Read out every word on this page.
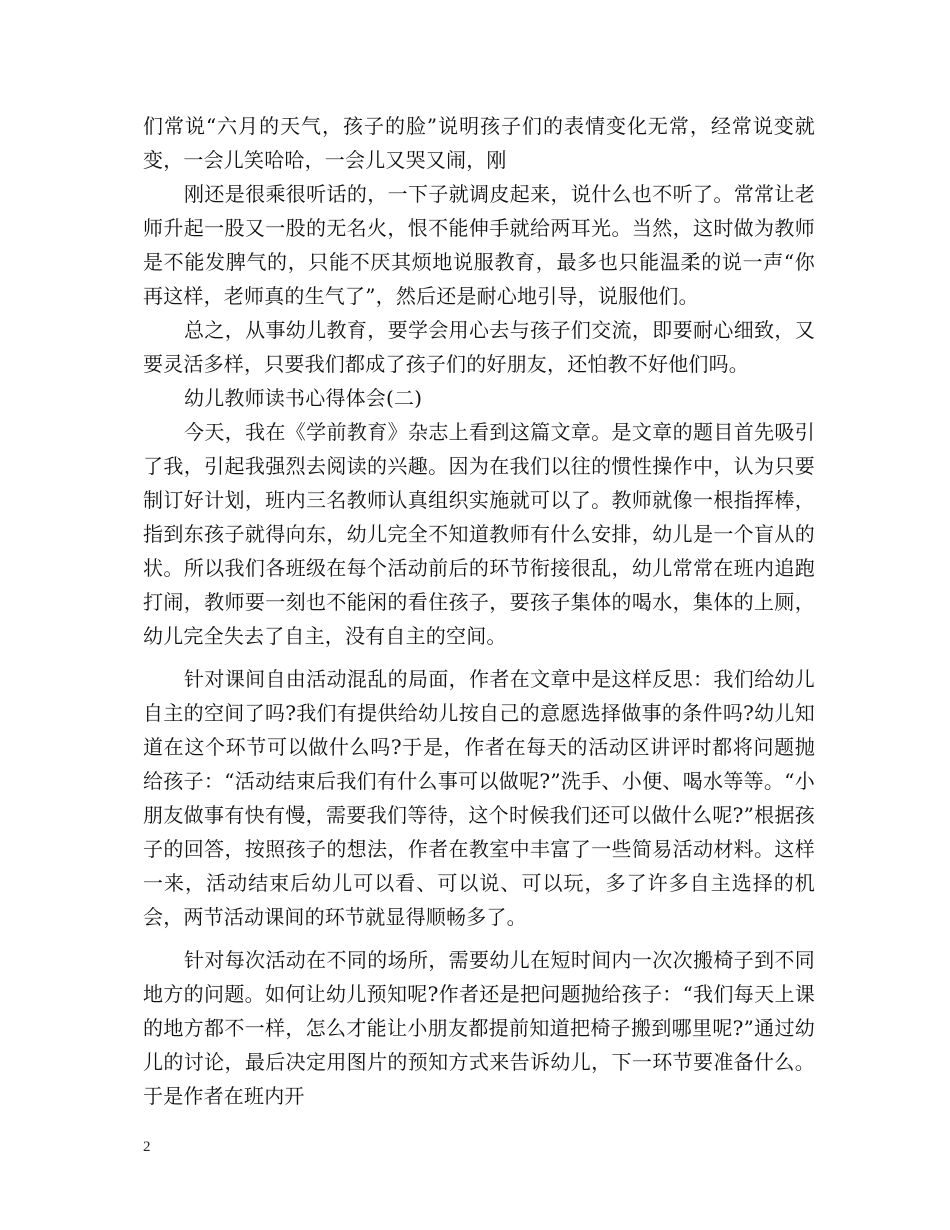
们常说“六月的天气，孩子的脸”说明孩子们的表情变化无常，经常说变就变，一会儿笑哈哈，一会儿又哭又闹，刚

刚还是很乘很听话的，一下子就调皮起来，说什么也不听了。常常让老师升起一股又一股的无名火，恨不能伸手就给两耳光。当然，这时做为教师是不能发脾气的，只能不厌其烦地说服教育，最多也只能温柔的说一声“你再这样，老师真的生气了”，然后还是耐心地引导，说服他们。

总之，从事幼儿教育，要学会用心去与孩子们交流，即要耐心细致，又要灵活多样，只要我们都成了孩子们的好朋友，还怕教不好他们吗。

幼儿教师读书心得体会(二)

今天，我在《学前教育》杂志上看到这篇文章。是文章的题目首先吸引了我，引起我强烈去阅读的兴趣。因为在我们以往的惯性操作中，认为只要制订好计划，班内三名教师认真组织实施就可以了。教师就像一根指挥棒，指到东孩子就得向东，幼儿完全不知道教师有什么安排，幼儿是一个盲从的状。所以我们各班级在每个活动前后的环节衔接很乱，幼儿常常在班内追跑打闹，教师要一刻也不能闲的看住孩子，要孩子集体的喝水，集体的上厕，幼儿完全失去了自主，没有自主的空间。

针对课间自由活动混乱的局面，作者在文章中是这样反思：我们给幼儿自主的空间了吗?我们有提供给幼儿按自己的意愿选择做事的条件吗?幼儿知道在这个环节可以做什么吗?于是，作者在每天的活动区讲评时都将问题抛给孩子：“活动结束后我们有什么事可以做呢?”洗手、小便、喝水等等。“小朋友做事有快有慢，需要我们等待，这个时候我们还可以做什么呢?”根据孩子的回答，按照孩子的想法，作者在教室中丰富了一些简易活动材料。这样一来，活动结束后幼儿可以看、可以说、可以玩，多了许多自主选择的机会，两节活动课间的环节就显得顺畅多了。

针对每次活动在不同的场所，需要幼儿在短时间内一次次搬椅子到不同地方的问题。如何让幼儿预知呢?作者还是把问题抛给孩子：“我们每天上课的地方都不一样，怎么才能让小朋友都提前知道把椅子搬到哪里呢?”通过幼儿的讨论，最后决定用图片的预知方式来告诉幼儿，下一环节要准备什么。于是作者在班内开

2
